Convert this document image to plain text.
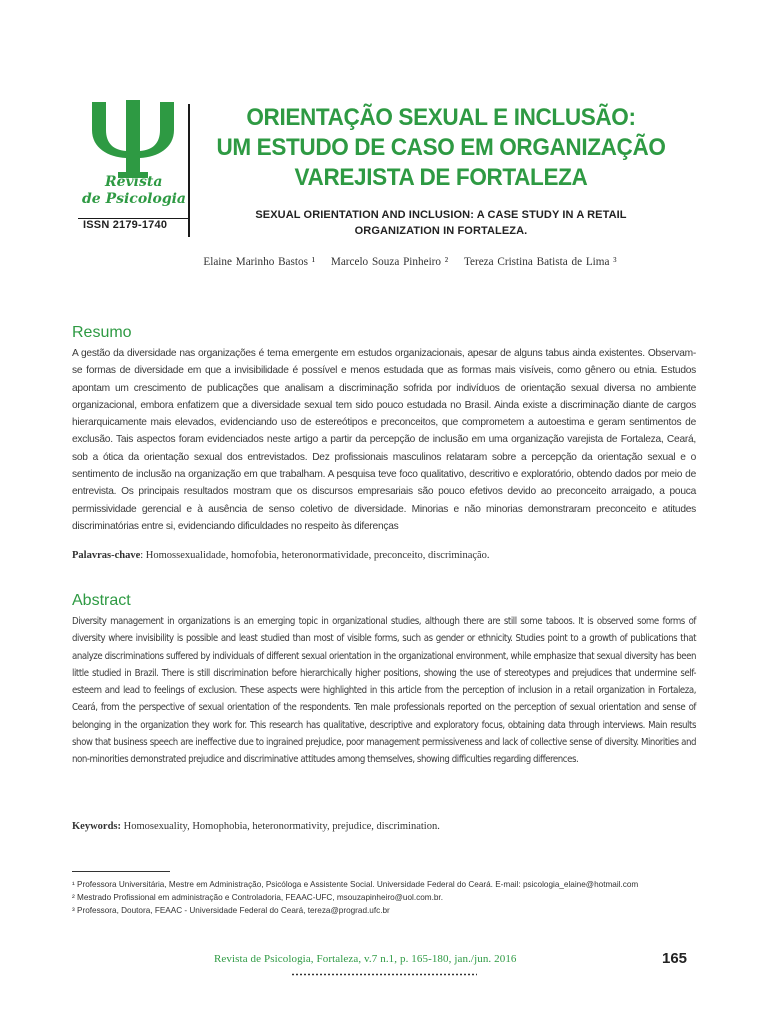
Revista
de Psicologia
ISSN 2179-1740
ORIENTAÇÃO SEXUAL E INCLUSÃO:
UM ESTUDO DE CASO EM ORGANIZAÇÃO
VAREJISTA DE FORTALEZA
SEXUAL ORIENTATION AND INCLUSION: A CASE STUDY IN A RETAIL
ORGANIZATION IN FORTALEZA.
Elaine Marinho Bastos ¹ Marcelo Souza Pinheiro ² Tereza Cristina Batista de Lima ³
Resumo
A gestão da diversidade nas organizações é tema emergente em estudos organizacionais, apesar de alguns tabus ainda existentes. Observam-se formas de diversidade em que a invisibilidade é possível e menos estudada que as formas mais visíveis, como gênero ou etnia. Estudos apontam um crescimento de publicações que analisam a discriminação sofrida por indivíduos de orientação sexual diversa no ambiente organizacional, embora enfatizem que a diversidade sexual tem sido pouco estudada no Brasil. Ainda existe a discriminação diante de cargos hierarquicamente mais elevados, evidenciando uso de estereótipos e preconceitos, que comprometem a autoestima e geram sentimentos de exclusão. Tais aspectos foram evidenciados neste artigo a partir da percepção de inclusão em uma organização varejista de Fortaleza, Ceará, sob a ótica da orientação sexual dos entrevistados. Dez profissionais masculinos relataram sobre a percepção da orientação sexual e o sentimento de inclusão na organização em que trabalham. A pesquisa teve foco qualitativo, descritivo e exploratório, obtendo dados por meio de entrevista. Os principais resultados mostram que os discursos empresariais são pouco efetivos devido ao preconceito arraigado, a pouca permissividade gerencial e à ausência de senso coletivo de diversidade. Minorias e não minorias demonstraram preconceito e atitudes discriminatórias entre si, evidenciando dificuldades no respeito às diferenças
Palavras-chave: Homossexualidade, homofobia, heteronormatividade, preconceito, discriminação.
Abstract
Diversity management in organizations is an emerging topic in organizational studies, although there are still some taboos. It is observed some forms of diversity where invisibility is possible and least studied than most of visible forms, such as gender or ethnicity. Studies point to a growth of publications that analyze discriminations suffered by individuals of different sexual orientation in the organizational environment, while emphasize that sexual diversity has been little studied in Brazil. There is still discrimination before hierarchically higher positions, showing the use of stereotypes and prejudices that undermine self-esteem and lead to feelings of exclusion. These aspects were highlighted in this article from the perception of inclusion in a retail organization in Fortaleza, Ceará, from the perspective of sexual orientation of the respondents. Ten male professionals reported on the perception of sexual orientation and sense of belonging in the organization they work for. This research has qualitative, descriptive and exploratory focus, obtaining data through interviews. Main results show that business speech are ineffective due to ingrained prejudice, poor management permissiveness and lack of collective sense of diversity. Minorities and non-minorities demonstrated prejudice and discriminative attitudes among themselves, showing difficulties regarding differences.
Keywords: Homosexuality, Homophobia, heteronormativity, prejudice, discrimination.
¹ Professora Universitária, Mestre em Administração, Psicóloga e Assistente Social. Universidade Federal do Ceará. E-mail: psicologia_elaine@hotmail.com
² Mestrado Profissional em administração e Controladoria, FEAAC-UFC, msouzapinheiro@uol.com.br.
³ Professora, Doutora, FEAAC - Universidade Federal do Ceará, tereza@prograd.ufc.br
Revista de Psicologia, Fortaleza, v.7 n.1, p. 165-180, jan./jun. 2016	165
